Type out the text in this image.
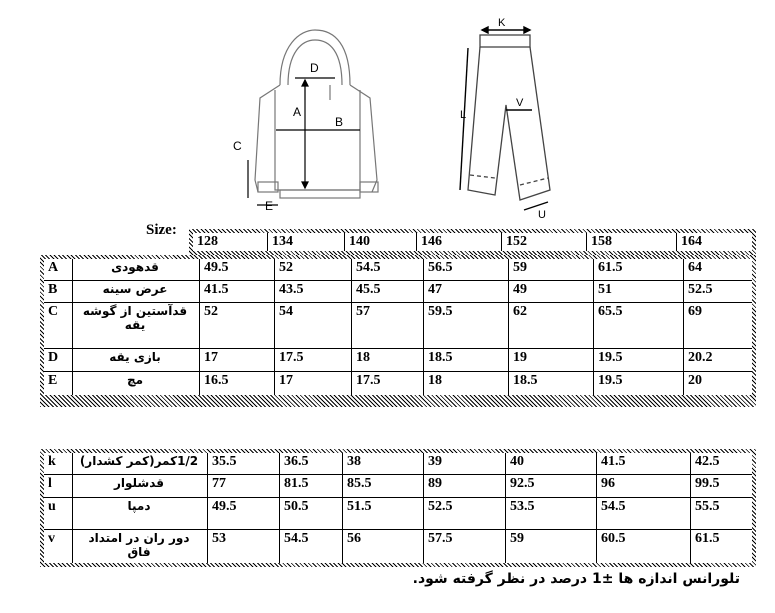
D
A
B
C
E
K
L
V
U
Size:
128	134	140	146	152	158	164
A	قدهودی	49.5	52	54.5	56.5	59	61.5	64
B	عرض سینه	41.5	43.5	45.5	47	49	51	52.5
C	قدآستین از گوشه یقه	52	54	57	59.5	62	65.5	69
D	بازی یقه	17	17.5	18	18.5	19	19.5	20.2
E	مچ	16.5	17	17.5	18	18.5	19.5	20
k	1/2کمر(کمر کشدار)	35.5	36.5	38	39	40	41.5	42.5
l	قدشلوار	77	81.5	85.5	89	92.5	96	99.5
u	دمپا	49.5	50.5	51.5	52.5	53.5	54.5	55.5
v	دور ران در امتداد فاق	53	54.5	56	57.5	59	60.5	61.5
تلورانس اندازه ها ±1 درصد در نظر گرفته شود.
